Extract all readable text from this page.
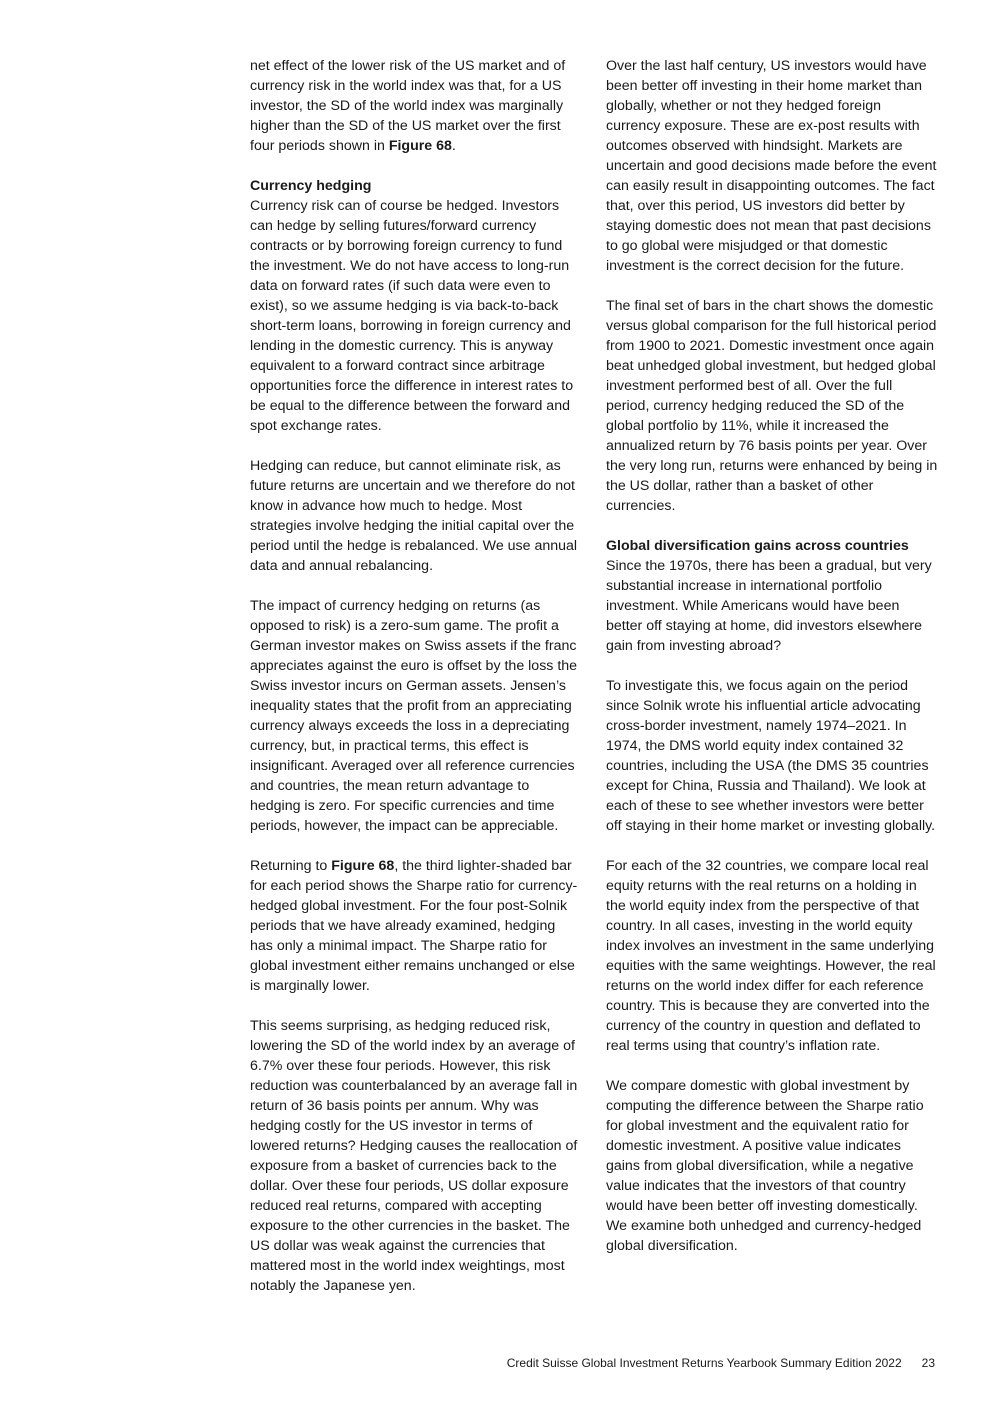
net effect of the lower risk of the US market and of currency risk in the world index was that, for a US investor, the SD of the world index was marginally higher than the SD of the US market over the first four periods shown in Figure 68.

Currency hedging

Currency risk can of course be hedged. Investors can hedge by selling futures/forward currency contracts or by borrowing foreign currency to fund the investment. We do not have access to long-run data on forward rates (if such data were even to exist), so we assume hedging is via back-to-back short-term loans, borrowing in foreign currency and lending in the domestic currency. This is anyway equivalent to a forward contract since arbitrage opportunities force the difference in interest rates to be equal to the difference between the forward and spot exchange rates.

Hedging can reduce, but cannot eliminate risk, as future returns are uncertain and we therefore do not know in advance how much to hedge. Most strategies involve hedging the initial capital over the period until the hedge is rebalanced. We use annual data and annual rebalancing.

The impact of currency hedging on returns (as opposed to risk) is a zero-sum game. The profit a German investor makes on Swiss assets if the franc appreciates against the euro is offset by the loss the Swiss investor incurs on German assets. Jensen’s inequality states that the profit from an appreciating currency always exceeds the loss in a depreciating currency, but, in practical terms, this effect is insignificant. Averaged over all reference currencies and countries, the mean return advantage to hedging is zero. For specific currencies and time periods, however, the impact can be appreciable.

Returning to Figure 68, the third lighter-shaded bar for each period shows the Sharpe ratio for currency-hedged global investment. For the four post-Solnik periods that we have already examined, hedging has only a minimal impact. The Sharpe ratio for global investment either remains unchanged or else is marginally lower.

This seems surprising, as hedging reduced risk, lowering the SD of the world index by an average of 6.7% over these four periods. However, this risk reduction was counterbalanced by an average fall in return of 36 basis points per annum. Why was hedging costly for the US investor in terms of lowered returns? Hedging causes the reallocation of exposure from a basket of currencies back to the dollar. Over these four periods, US dollar exposure reduced real returns, compared with accepting exposure to the other currencies in the basket. The US dollar was weak against the currencies that mattered most in the world index weightings, most notably the Japanese yen.

Over the last half century, US investors would have been better off investing in their home market than globally, whether or not they hedged foreign currency exposure. These are ex-post results with outcomes observed with hindsight. Markets are uncertain and good decisions made before the event can easily result in disappointing outcomes. The fact that, over this period, US investors did better by staying domestic does not mean that past decisions to go global were misjudged or that domestic investment is the correct decision for the future.

The final set of bars in the chart shows the domestic versus global comparison for the full historical period from 1900 to 2021. Domestic investment once again beat unhedged global investment, but hedged global investment performed best of all. Over the full period, currency hedging reduced the SD of the global portfolio by 11%, while it increased the annualized return by 76 basis points per year. Over the very long run, returns were enhanced by being in the US dollar, rather than a basket of other currencies.

Global diversification gains across countries

Since the 1970s, there has been a gradual, but very substantial increase in international portfolio investment. While Americans would have been better off staying at home, did investors elsewhere gain from investing abroad?

To investigate this, we focus again on the period since Solnik wrote his influential article advocating cross-border investment, namely 1974–2021. In 1974, the DMS world equity index contained 32 countries, including the USA (the DMS 35 countries except for China, Russia and Thailand). We look at each of these to see whether investors were better off staying in their home market or investing globally.

For each of the 32 countries, we compare local real equity returns with the real returns on a holding in the world equity index from the perspective of that country. In all cases, investing in the world equity index involves an investment in the same underlying equities with the same weightings. However, the real returns on the world index differ for each reference country. This is because they are converted into the currency of the country in question and deflated to real terms using that country’s inflation rate.

We compare domestic with global investment by computing the difference between the Sharpe ratio for global investment and the equivalent ratio for domestic investment. A positive value indicates gains from global diversification, while a negative value indicates that the investors of that country would have been better off investing domestically. We examine both unhedged and currency-hedged global diversification.

Credit Suisse Global Investment Returns Yearbook Summary Edition 2022 23
